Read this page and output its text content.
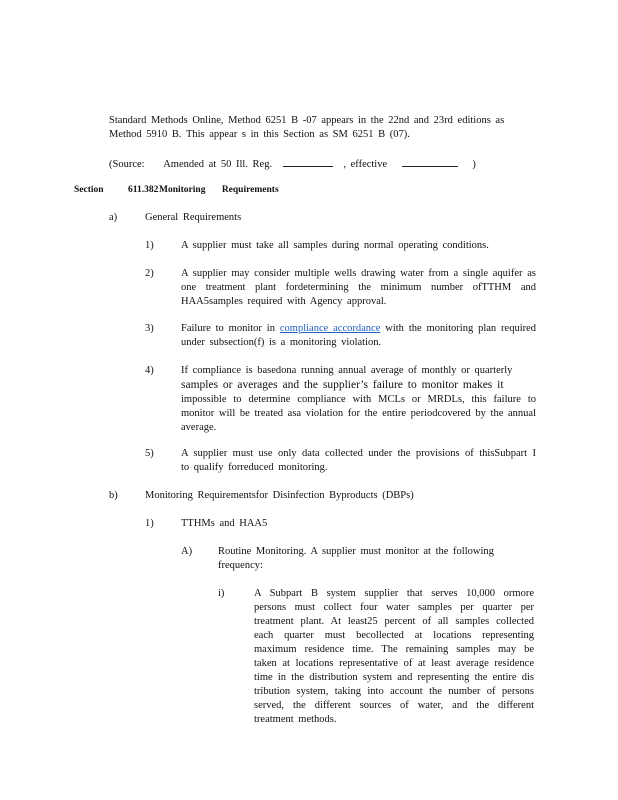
Standard Methods Online, Method 6251 B -07 appears in the 22nd and 23rd editions as
Method 5910 B. This appear s in this Section as SM 6251 B (07).
(Source: Amended at 50 Ill. Reg.	, effective	)
Section	611.382 Monitoring Requirements
a)	General Requirements
1)	A supplier must take all samples during normal operating conditions.
2)	A supplier may consider multiple wells drawing water from a single aquifer as one treatment plant fordetermining the minimum number ofTTHM and HAA5samples required with Agency approval.
3)	Failure to monitor in compliance accordance with the monitoring plan required under subsection(f) is a monitoring violation.
4)	If compliance is basedona running annual average of monthly or quarterly
samples or averages and the supplier’s failure to monitor makes it
impossible to determine compliance with MCLs or MRDLs, this failure to monitor will be treated asa violation for the entire periodcovered by the annual average.
5)	A supplier must use only data collected under the provisions of thisSubpart I to qualify forreduced monitoring.
b)	Monitoring Requirementsfor Disinfection Byproducts (DBPs)
1)	TTHMs and HAA5
A) Routine Monitoring. A supplier must monitor at the following frequency:
i)	A Subpart B system supplier that serves 10,000 ormore persons must collect four water samples per quarter per treatment plant. At least25 percent of all samples collected each quarter must becollected at locations representing maximum residence time. The remaining samples may be taken at locations representative of at least average residence time in the distribution system and representing the entire dis tribution system, taking into account the number of persons served, the different sources of water, and the different treatment methods.
